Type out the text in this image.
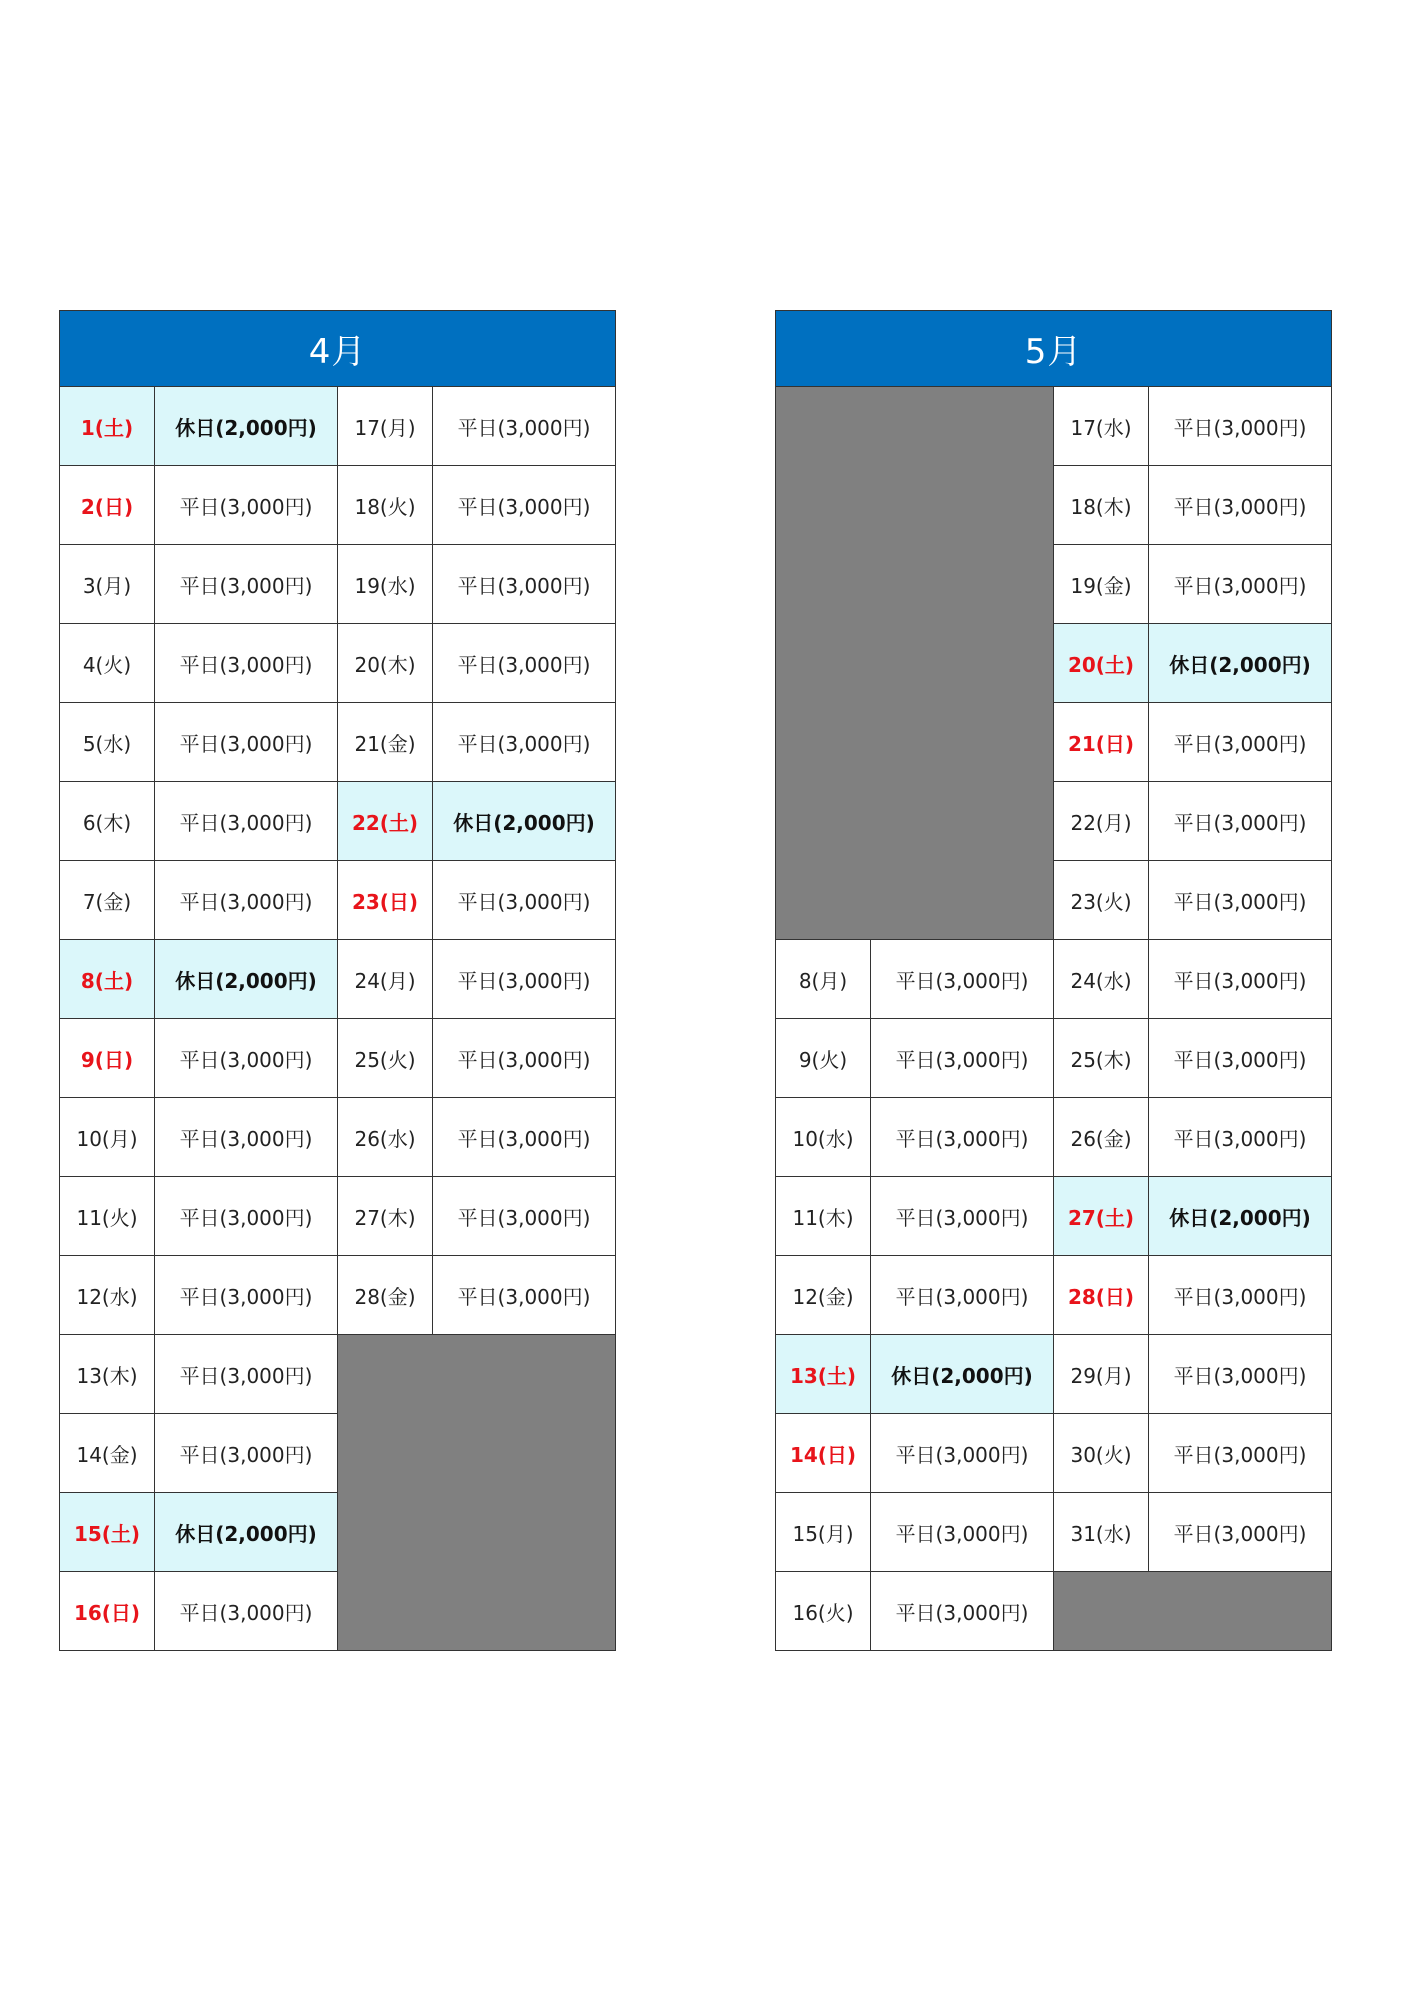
4月			
1(土)	休日(2,000円)	17(月)	平日(3,000円)
2(日)	平日(3,000円)	18(火)	平日(3,000円)
3(月)	平日(3,000円)	19(水)	平日(3,000円)
4(火)	平日(3,000円)	20(木)	平日(3,000円)
5(水)	平日(3,000円)	21(金)	平日(3,000円)
6(木)	平日(3,000円)	22(土)	休日(2,000円)
7(金)	平日(3,000円)	23(日)	平日(3,000円)
8(土)	休日(2,000円)	24(月)	平日(3,000円)
9(日)	平日(3,000円)	25(火)	平日(3,000円)
10(月)	平日(3,000円)	26(水)	平日(3,000円)
11(火)	平日(3,000円)	27(木)	平日(3,000円)
12(水)	平日(3,000円)	28(金)	平日(3,000円)
13(木)	平日(3,000円)		
14(金)	平日(3,000円)		
15(土)	休日(2,000円)		
16(日)	平日(3,000円)		
5月			
		17(水)	平日(3,000円)
		18(木)	平日(3,000円)
		19(金)	平日(3,000円)
		20(土)	休日(2,000円)
		21(日)	平日(3,000円)
		22(月)	平日(3,000円)
		23(火)	平日(3,000円)
8(月)	平日(3,000円)	24(水)	平日(3,000円)
9(火)	平日(3,000円)	25(木)	平日(3,000円)
10(水)	平日(3,000円)	26(金)	平日(3,000円)
11(木)	平日(3,000円)	27(土)	休日(2,000円)
12(金)	平日(3,000円)	28(日)	平日(3,000円)
13(土)	休日(2,000円)	29(月)	平日(3,000円)
14(日)	平日(3,000円)	30(火)	平日(3,000円)
15(月)	平日(3,000円)	31(水)	平日(3,000円)
16(火)	平日(3,000円)		
